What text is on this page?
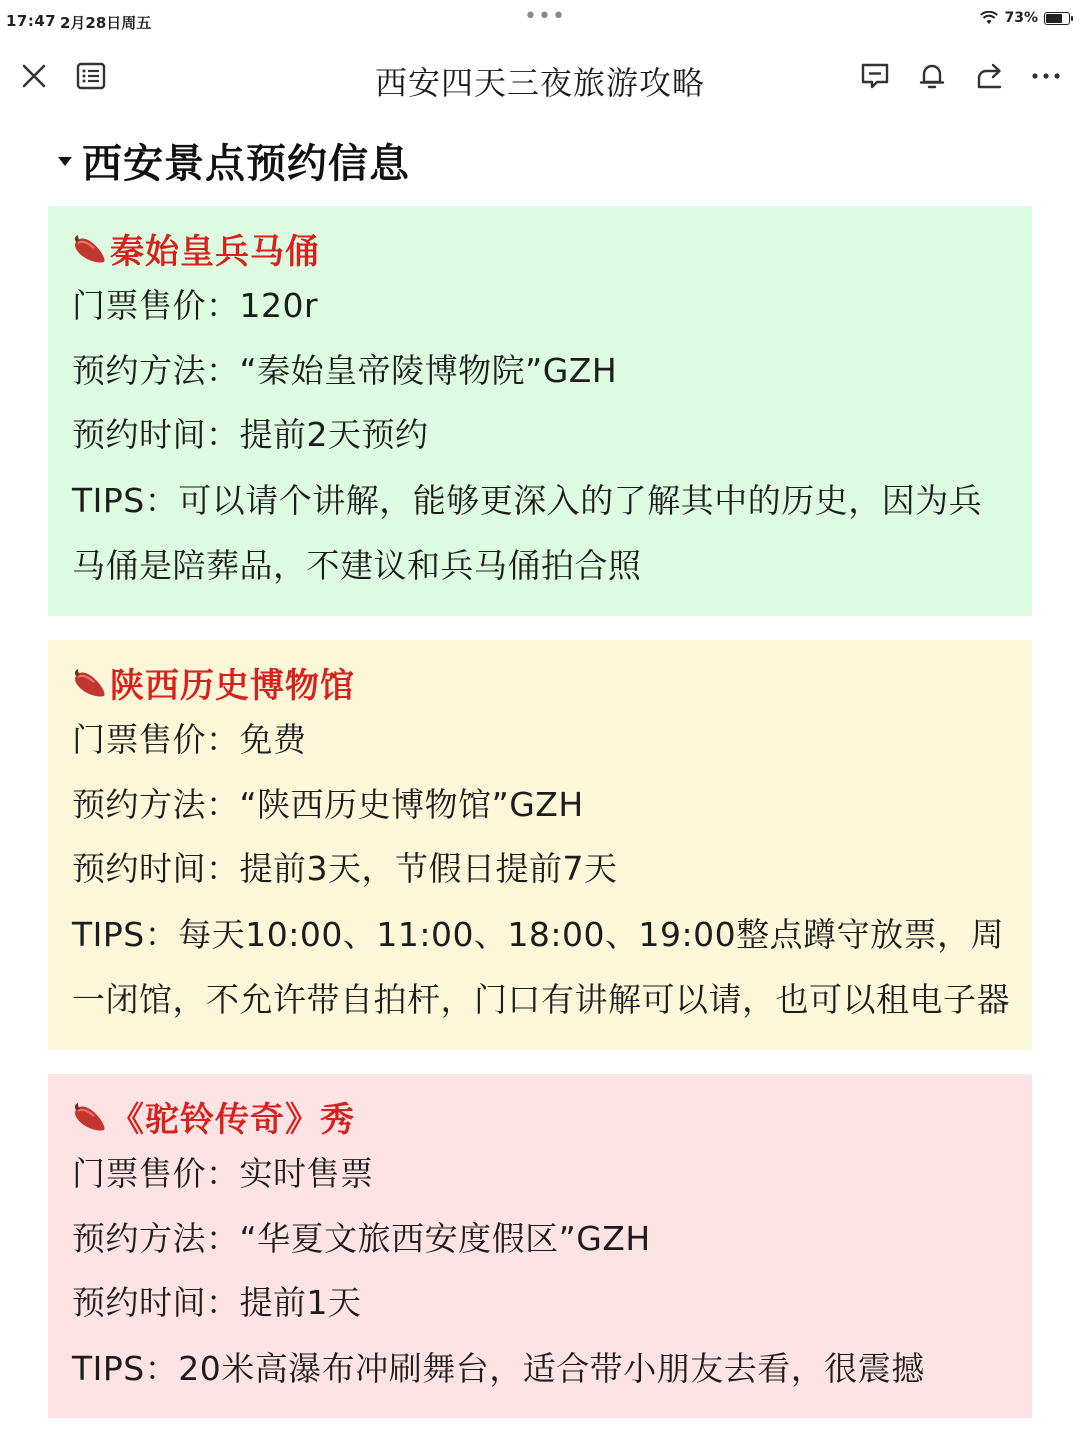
17:47 2月28日周五	•••	73%
西安四天三夜旅游攻略
西安景点预约信息
秦始皇兵马俑
门票售价：120r
预约方法：“秦始皇帝陵博物院”GZH
预约时间：提前2天预约
TIPS：可以请个讲解，能够更深入的了解其中的历史，因为兵马俑是陪葬品，不建议和兵马俑拍合照
陕西历史博物馆
门票售价：免费
预约方法：“陕西历史博物馆”GZH
预约时间：提前3天，节假日提前7天
TIPS：每天10:00、11:00、18:00、19:00整点蹲守放票，周一闭馆，不允许带自拍杆，门口有讲解可以请，也可以租电子器
《驼铃传奇》秀
门票售价：实时售票
预约方法：“华夏文旅西安度假区”GZH
预约时间：提前1天
TIPS：20米高瀑布冲刷舞台，适合带小朋友去看，很震撼
